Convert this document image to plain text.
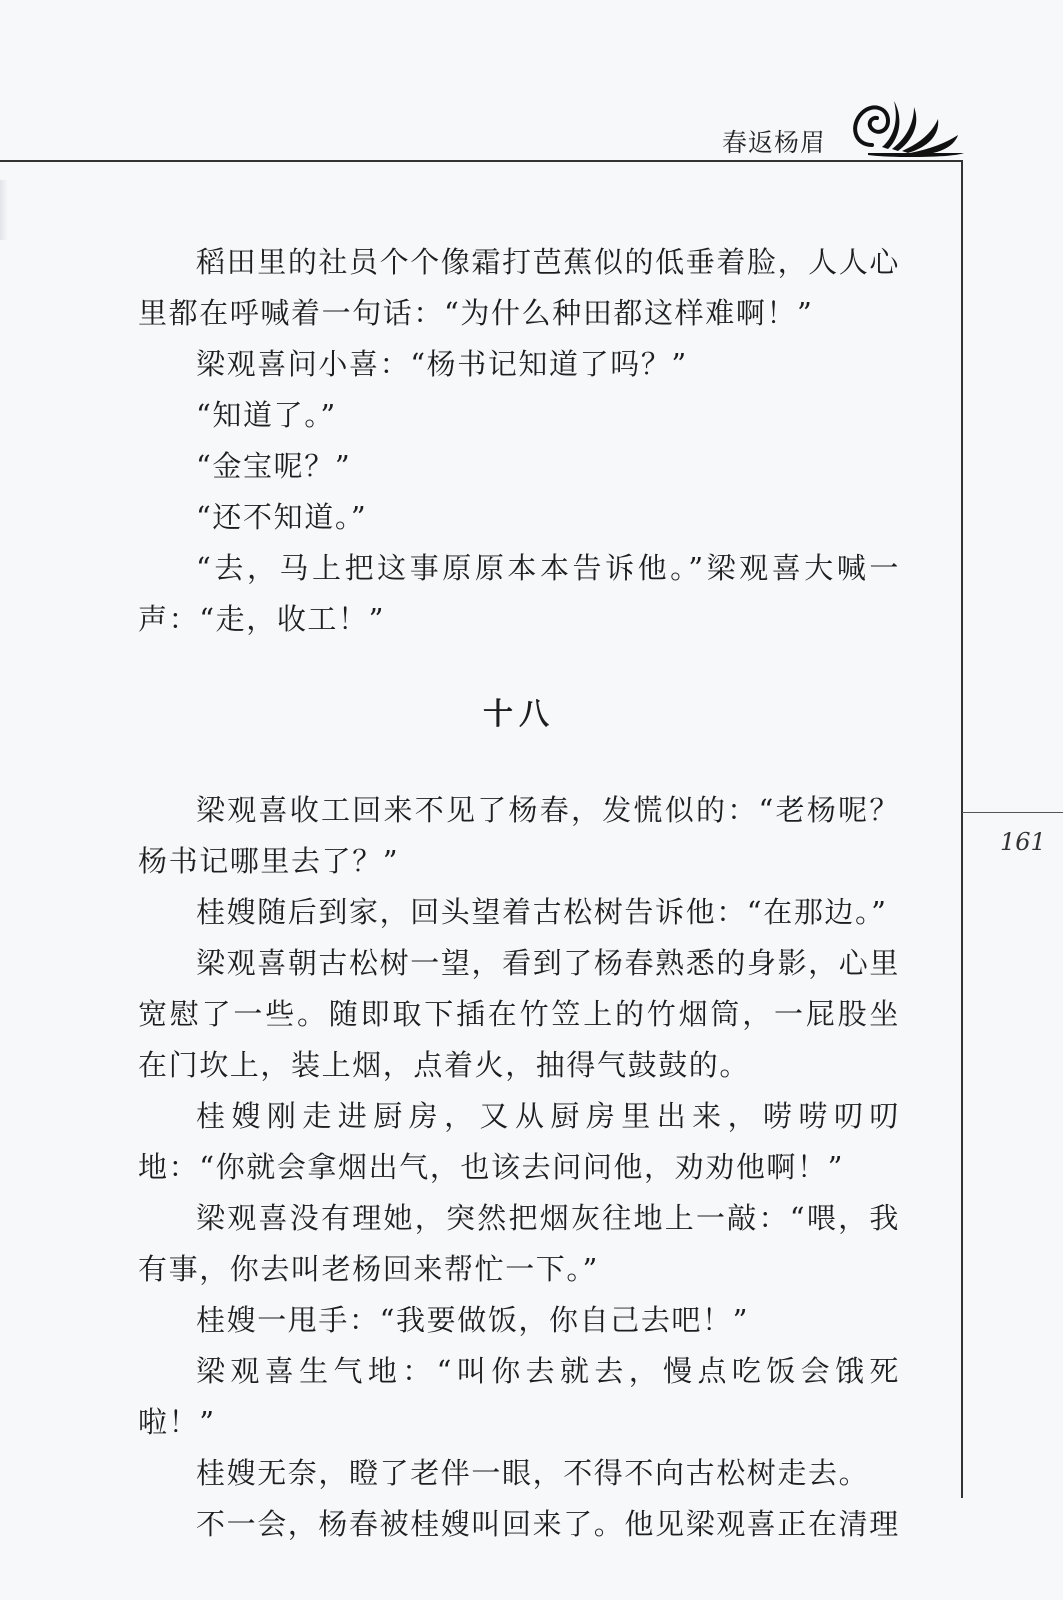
春返杨眉
161

稻田里的社员个个像霜打芭蕉似的低垂着脸，人人心里都在呼喊着一句话：“为什么种田都这样难啊！”

梁观喜问小喜：“杨书记知道了吗？”

“知道了。”

“金宝呢？”

“还不知道。”

“去，马上把这事原原本本告诉他。”梁观喜大喊一声：“走，收工！”

十八

梁观喜收工回来不见了杨春，发慌似的：“老杨呢？杨书记哪里去了？”

桂嫂随后到家，回头望着古松树告诉他：“在那边。”

梁观喜朝古松树一望，看到了杨春熟悉的身影，心里宽慰了一些。随即取下插在竹笠上的竹烟筒，一屁股坐在门坎上，装上烟，点着火，抽得气鼓鼓的。

桂嫂刚走进厨房，又从厨房里出来，唠唠叨叨地：“你就会拿烟出气，也该去问问他，劝劝他啊！”

梁观喜没有理她，突然把烟灰往地上一敲：“喂，我有事，你去叫老杨回来帮忙一下。”

桂嫂一甩手：“我要做饭，你自己去吧！”

梁观喜生气地：“叫你去就去，慢点吃饭会饿死啦！”

桂嫂无奈，瞪了老伴一眼，不得不向古松树走去。

不一会，杨春被桂嫂叫回来了。他见梁观喜正在清理
